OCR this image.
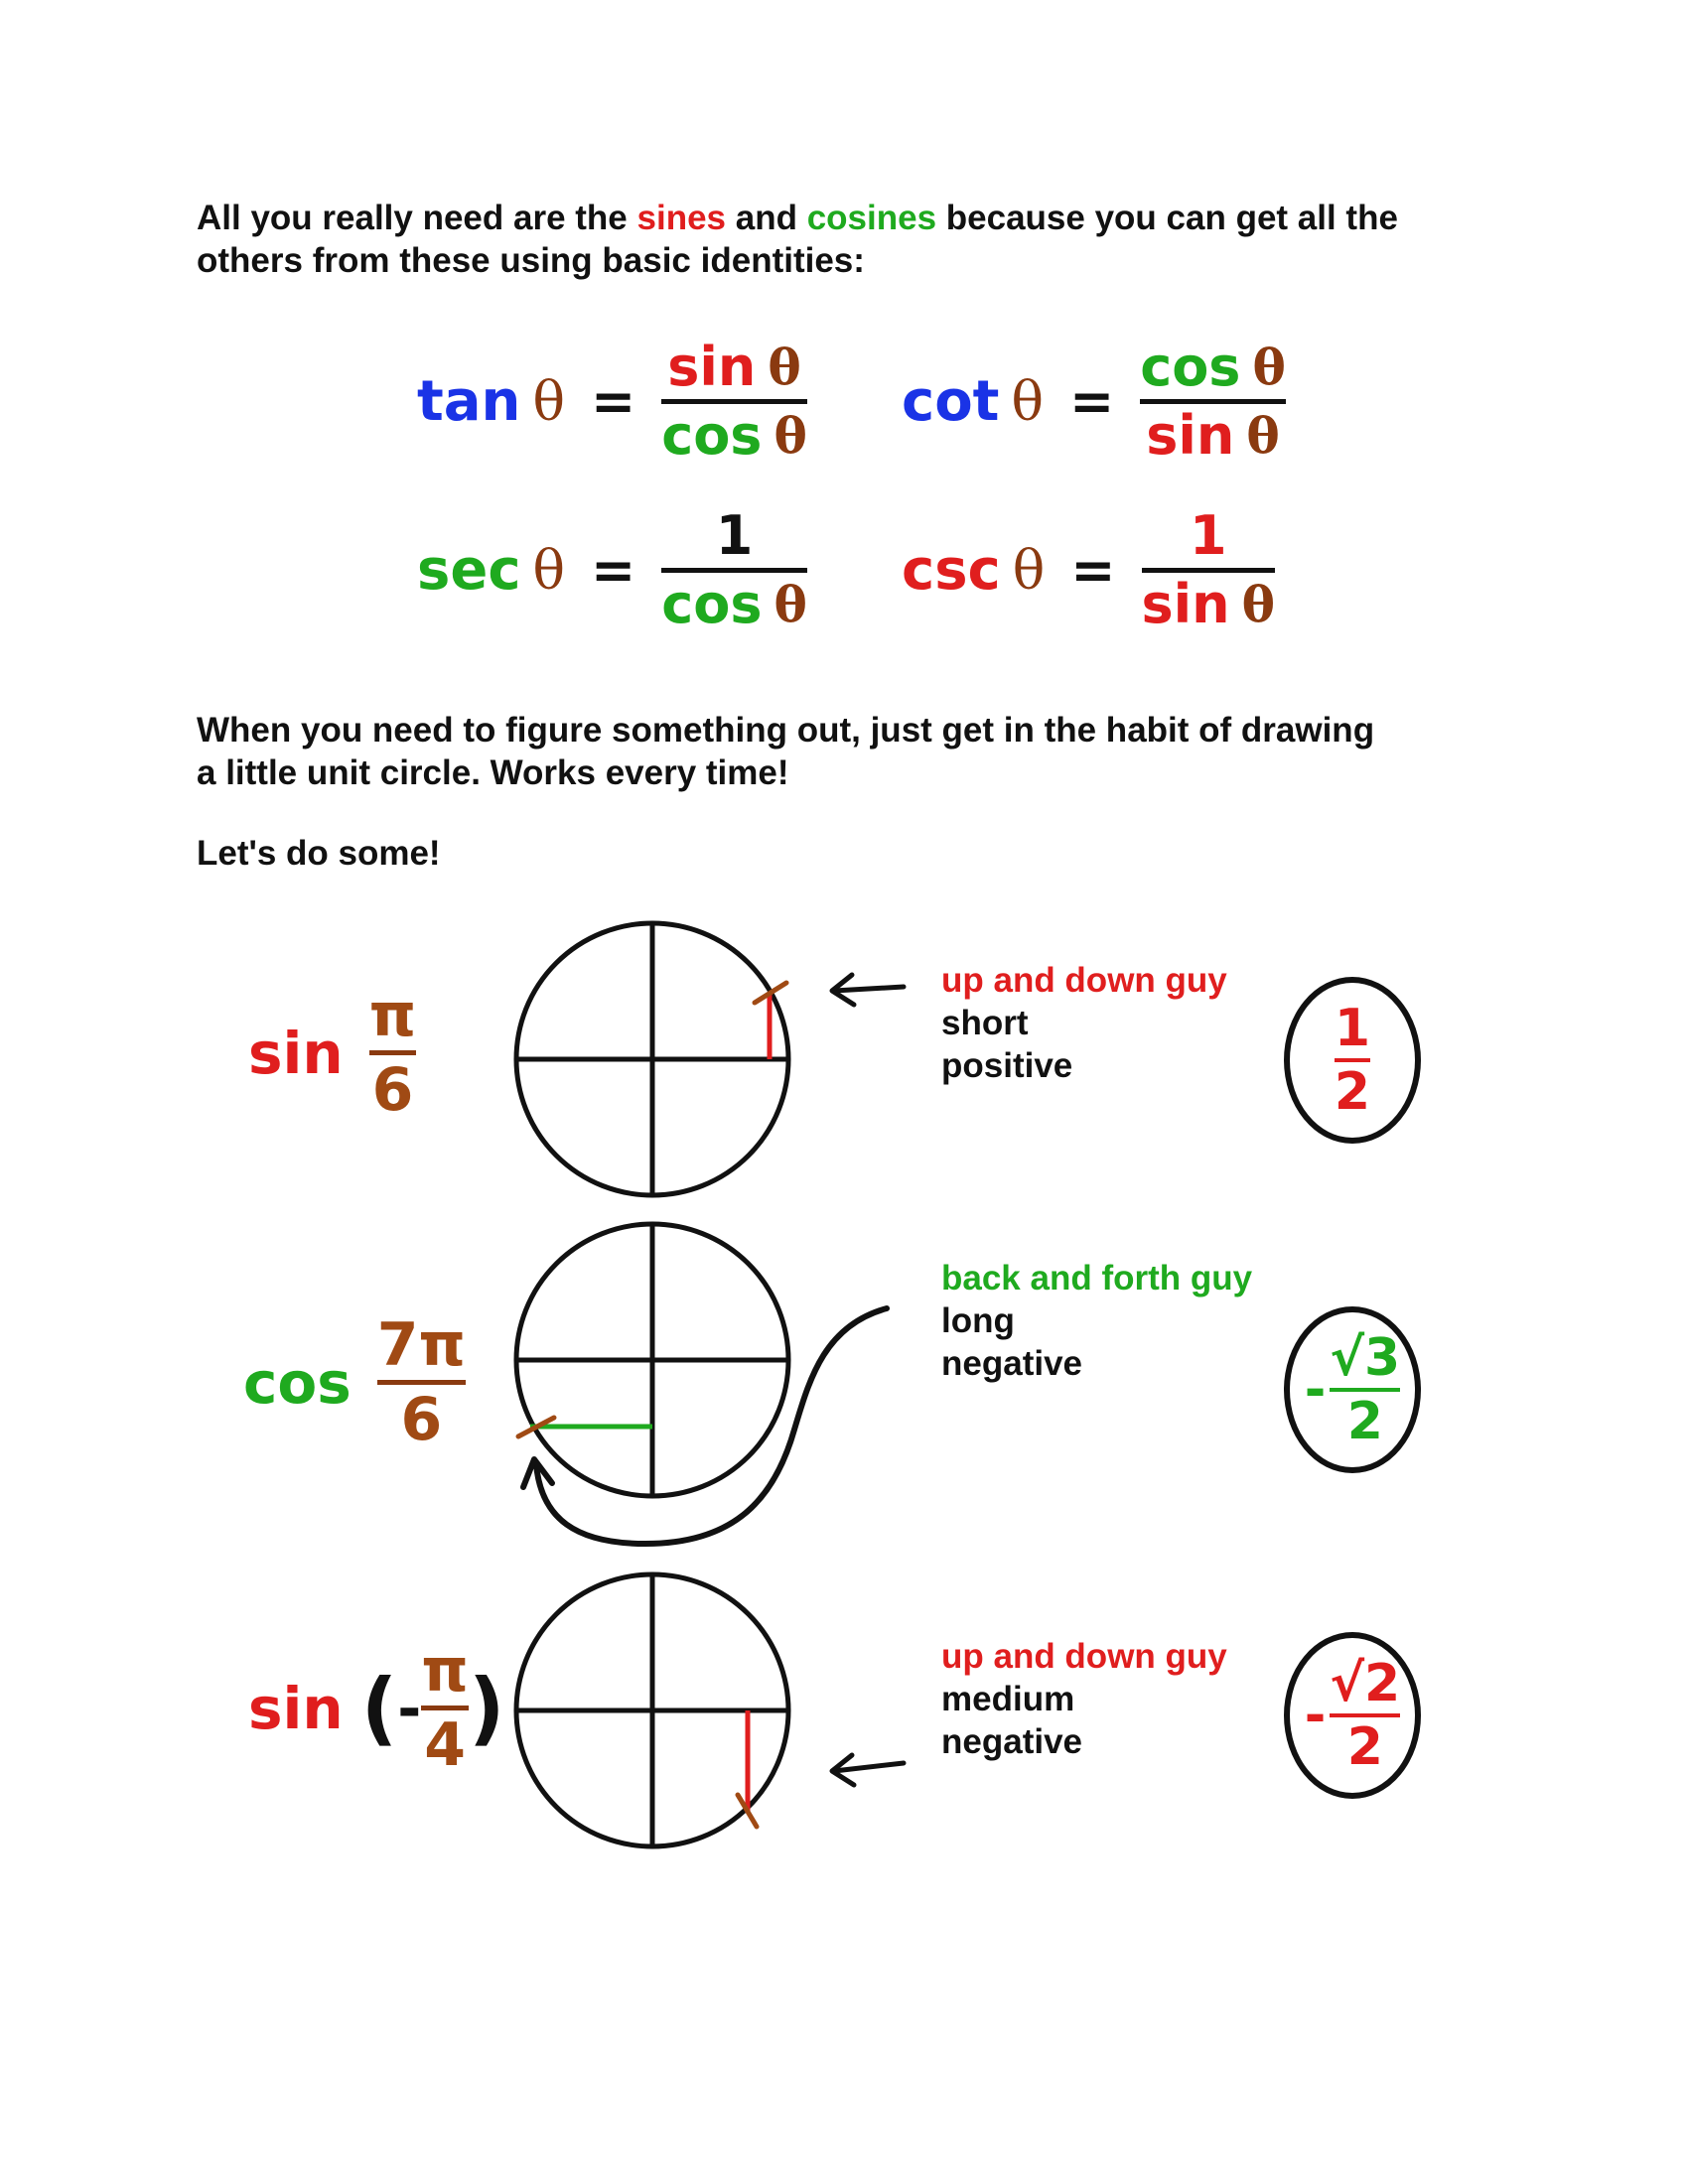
All you really need are the sines and cosines because you can get all the
others from these using basic identities:

tan θ =
sin θ
cos θ
cot θ =
cos θ
sin θ
sec θ =
1
cos θ
csc θ =
1
sin θ

When you need to figure something out, just get in the habit of drawing
a little unit circle. Works every time!

Let's do some!

sin
π
6
cos
7π
6
sin ( -
π
4 )
up and down guy
short
positive
back and forth guy
long
negative
up and down guy
medium
negative
$\frac{1}{2}$
- $\frac{√3}{2}$
- $\frac{√2}{2}$
